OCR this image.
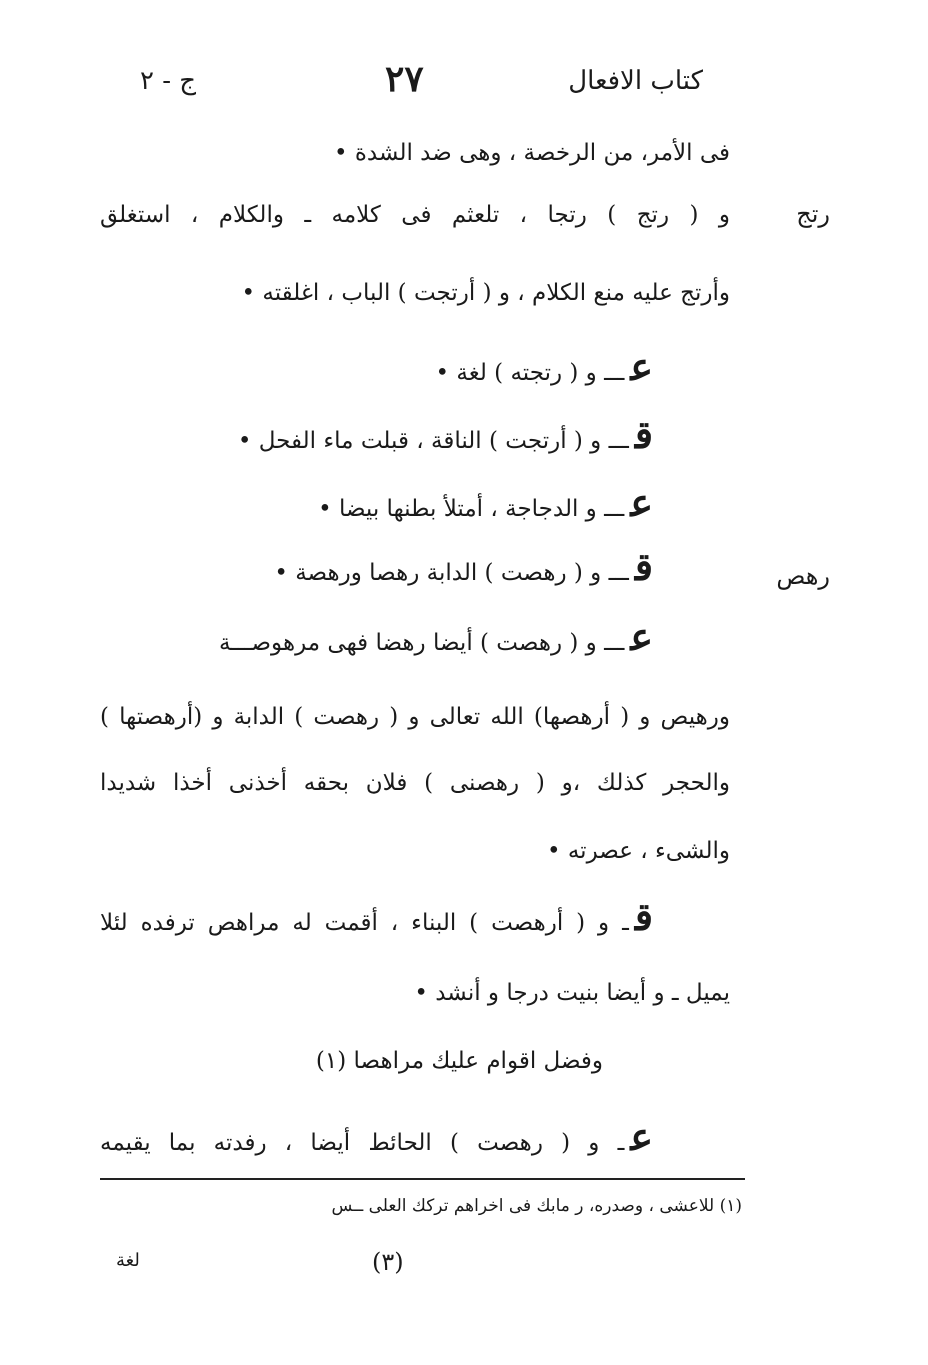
كتاب الافعال
٢٧
ج - ٢
رتج
رهص
فى الأمر، من الرخصة ، وهى ضد الشدة •
و ( رتج ) رتجا ، تلعثم فى كلامه ـ والكلام ، استغلق
وأرتج عليه منع الكلام ، و ( أرتجت ) الباب ، اغلقته •
عـــ و ( رتجته ) لغة •
قـــ و ( أرتجت ) الناقة ، قبلت ماء الفحل •
عـــ و الدجاجة ، أمتلأ بطنها بيضا •
قـــ و ( رهصت ) الدابة رهصا ورهصة •
عـــ و ( رهصت ) أيضا رهضا فهى مرهوصـــة
ورهيص و ( أرهصها) الله تعالى و ( رهصت ) الدابة و (أرهصتها )
والحجر كذلك ،و ( رهصنى ) فلان بحقه أخذنى أخذا شديدا
والشىء ، عصرته •
قـ و ( أرهصت ) البناء ، أقمت له مراهص ترفده لئلا
يميل ـ و أيضا بنيت درجا و أنشد •
وفضل اقوام عليك مراهصا (١)
عـ و ( رهصت ) الحائط أيضا ، رفدته بما يقيمه
(١) للاعشى ، وصدره، ر مابك فى اخراهم تركك العلى ــس
(٣)
لغة
